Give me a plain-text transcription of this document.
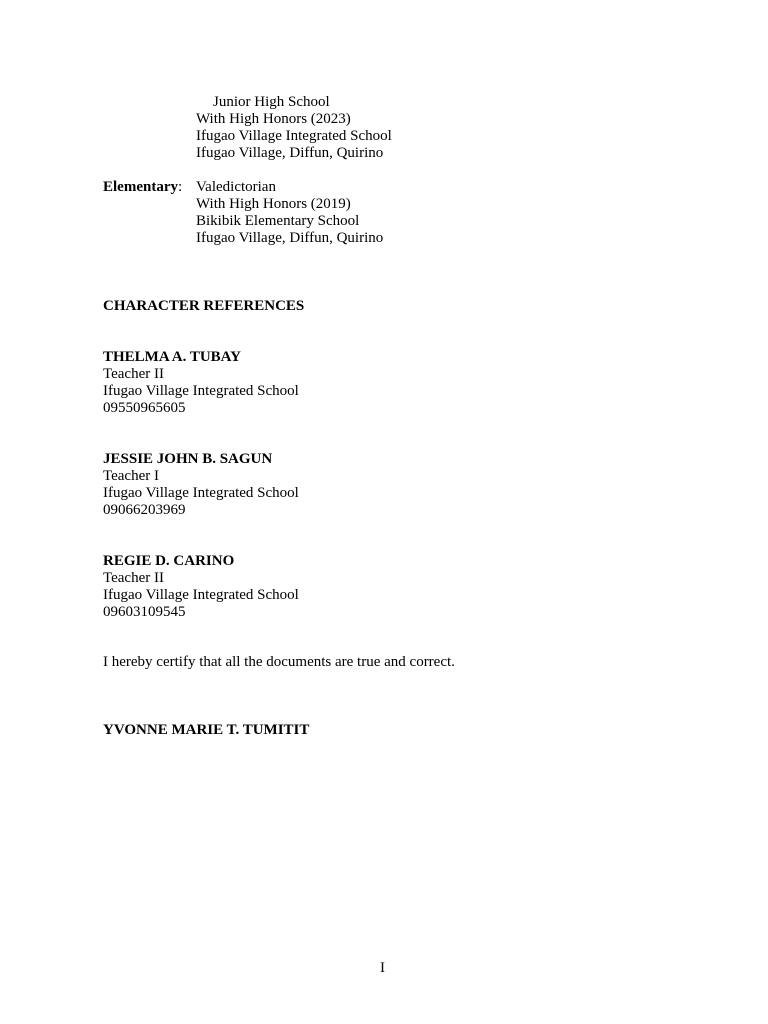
Junior High School
With High Honors (2023)
Ifugao Village Integrated School
Ifugao Village, Diffun, Quirino
Elementary: Valedictorian
With High Honors (2019)
Bikibik Elementary School
Ifugao Village, Diffun, Quirino
CHARACTER REFERENCES
THELMA A. TUBAY
Teacher II
Ifugao Village Integrated School
09550965605
JESSIE JOHN B. SAGUN
Teacher I
Ifugao Village Integrated School
09066203969
REGIE D. CARINO
Teacher II
Ifugao Village Integrated School
09603109545
I hereby certify that all the documents are true and correct.
YVONNE MARIE T. TUMITIT
I
